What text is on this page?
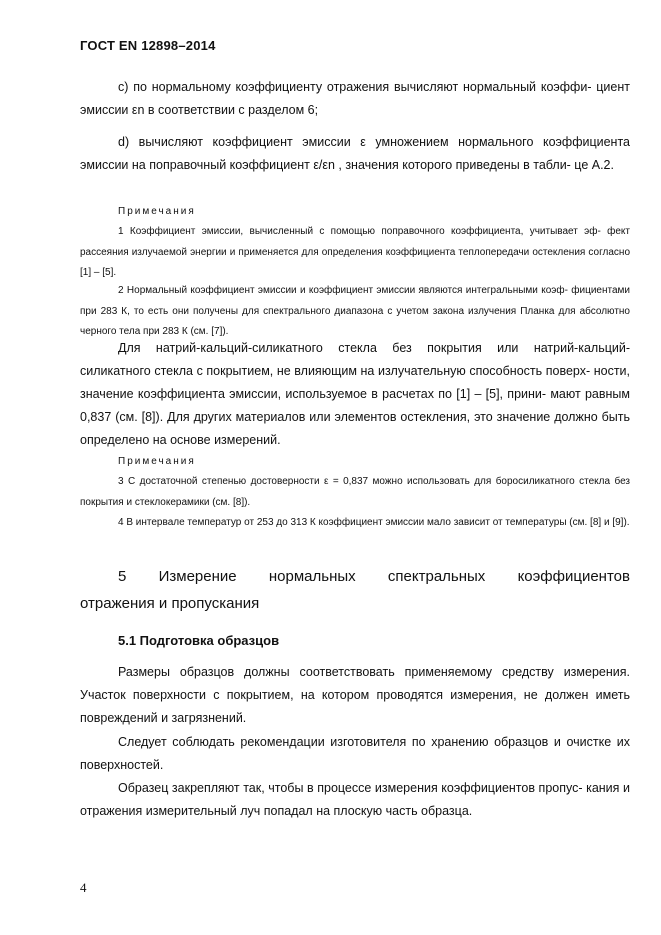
ГОСТ EN 12898–2014
c) по нормальному коэффициенту отражения вычисляют нормальный коэффи- циент эмиссии εn в соответствии с разделом 6;
d) вычисляют коэффициент эмиссии ε умножением нормального коэффициента эмиссии на поправочный коэффициент ε/εn , значения которого приведены в табли- це А.2.
Примечания
1 Коэффициент эмиссии, вычисленный с помощью поправочного коэффициента, учитывает эф- фект рассеяния излучаемой энергии и применяется для определения коэффициента теплопередачи остекления согласно [1] – [5].
2 Нормальный коэффициент эмиссии и коэффициент эмиссии являются интегральными коэф- фициентами при 283 К, то есть они получены для спектрального диапазона с учетом закона излучения Планка для абсолютно черного тела при 283 К (см. [7]).
Для натрий-кальций-силикатного стекла без покрытия или натрий-кальций- силикатного стекла с покрытием, не влияющим на излучательную способность поверх- ности, значение коэффициента эмиссии, используемое в расчетах по [1] – [5], прини- мают равным 0,837 (см. [8]). Для других материалов или элементов остекления, это значение должно быть определено на основе измерений.
Примечания
3 С достаточной степенью достоверности ε = 0,837 можно использовать для боросиликатного стекла без покрытия и стеклокерамики (см. [8]).
4 В интервале температур от 253 до 313 К коэффициент эмиссии мало зависит от температуры (см. [8] и [9]).
5 Измерение нормальных спектральных коэффициентов
отражения и пропускания
5.1 Подготовка образцов
Размеры образцов должны соответствовать применяемому средству измерения. Участок поверхности с покрытием, на котором проводятся измерения, не должен иметь повреждений и загрязнений.
Следует соблюдать рекомендации изготовителя по хранению образцов и очистке их поверхностей.
Образец закрепляют так, чтобы в процессе измерения коэффициентов пропус- кания и отражения измерительный луч попадал на плоскую часть образца.
4
